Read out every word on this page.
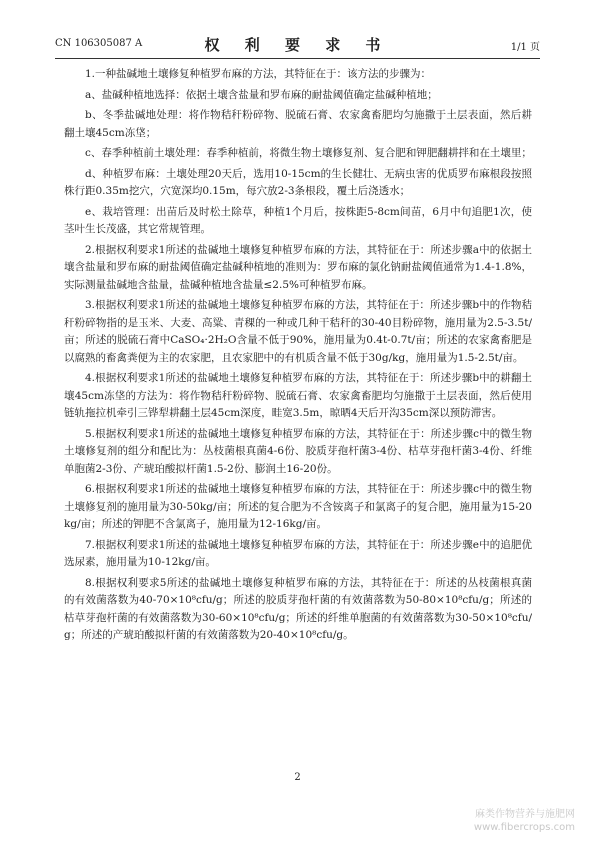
CN 106305087 A	权 利 要 求 书	1/1 页

1.一种盐碱地土壤修复种植罗布麻的方法，其特征在于：该方法的步骤为：

a、盐碱种植地选择：依据土壤含盐量和罗布麻的耐盐阈值确定盐碱种植地；

b、冬季盐碱地处理：将作物秸秆粉碎物、脱硫石膏、农家禽畜肥均匀施撒于土层表面，然后耕翻土壤45cm冻垡；

c、春季种植前土壤处理：春季种植前，将微生物土壤修复剂、复合肥和钾肥翻耕拌和在土壤里；

d、种植罗布麻：土壤处理20天后，选用10-15cm的生长健壮、无病虫害的优质罗布麻根段按照株行距0.35m挖穴，穴宽深均0.15m，每穴放2-3条根段，覆土后浇透水；

e、栽培管理：出苗后及时松土除草，种植1个月后，按株距5-8cm间苗，6月中旬追肥1次，使茎叶生长茂盛，其它常规管理。

2.根据权利要求1所述的盐碱地土壤修复种植罗布麻的方法，其特征在于：所述步骤a中的依据土壤含盐量和罗布麻的耐盐阈值确定盐碱种植地的准则为：罗布麻的氯化钠耐盐阈值通常为1.4-1.8%，实际测量盐碱地含盐量，盐碱种植地含盐量≤2.5%可种植罗布麻。

3.根据权利要求1所述的盐碱地土壤修复种植罗布麻的方法，其特征在于：所述步骤b中的作物秸秆粉碎物指的是玉米、大麦、高粱、青稞的一种或几种干秸秆的30-40目粉碎物，施用量为2.5-3.5t/亩；所述的脱硫石膏中CaSO₄·2H₂O含量不低于90%，施用量为0.4t-0.7t/亩；所述的农家禽畜肥是以腐熟的畜禽粪便为主的农家肥，且农家肥中的有机质含量不低于30g/kg，施用量为1.5-2.5t/亩。

4.根据权利要求1所述的盐碱地土壤修复种植罗布麻的方法，其特征在于：所述步骤b中的耕翻土壤45cm冻垡的方法为：将作物秸秆粉碎物、脱硫石膏、农家禽畜肥均匀施撒于土层表面，然后使用链轨拖拉机牵引三铧犁耕翻土层45cm深度，畦宽3.5m，晾晒4天后开沟35cm深以预防滞害。

5.根据权利要求1所述的盐碱地土壤修复种植罗布麻的方法，其特征在于：所述步骤c中的微生物土壤修复剂的组分和配比为：丛枝菌根真菌4-6份、胶质芽孢杆菌3-4份、枯草芽孢杆菌3-4份、纤维单胞菌2-3份、产琥珀酸拟杆菌1.5-2份、膨润土16-20份。

6.根据权利要求1所述的盐碱地土壤修复种植罗布麻的方法，其特征在于：所述步骤c中的微生物土壤修复剂的施用量为30-50kg/亩；所述的复合肥为不含铵离子和氯离子的复合肥，施用量为15-20kg/亩；所述的钾肥不含氯离子，施用量为12-16kg/亩。

7.根据权利要求1所述的盐碱地土壤修复种植罗布麻的方法，其特征在于：所述步骤e中的追肥优选尿素，施用量为10-12kg/亩。

8.根据权利要求5所述的盐碱地土壤修复种植罗布麻的方法，其特征在于：所述的丛枝菌根真菌的有效菌落数为40-70×10⁸cfu/g；所述的胶质芽孢杆菌的有效菌落数为50-80×10⁸cfu/g；所述的枯草芽孢杆菌的有效菌落数为30-60×10⁸cfu/g；所述的纤维单胞菌的有效菌落数为30-50×10⁸cfu/g；所述的产琥珀酸拟杆菌的有效菌落数为20-40×10⁸cfu/g。

2
麻类作物营养与施肥网
www.fibercrops.com
